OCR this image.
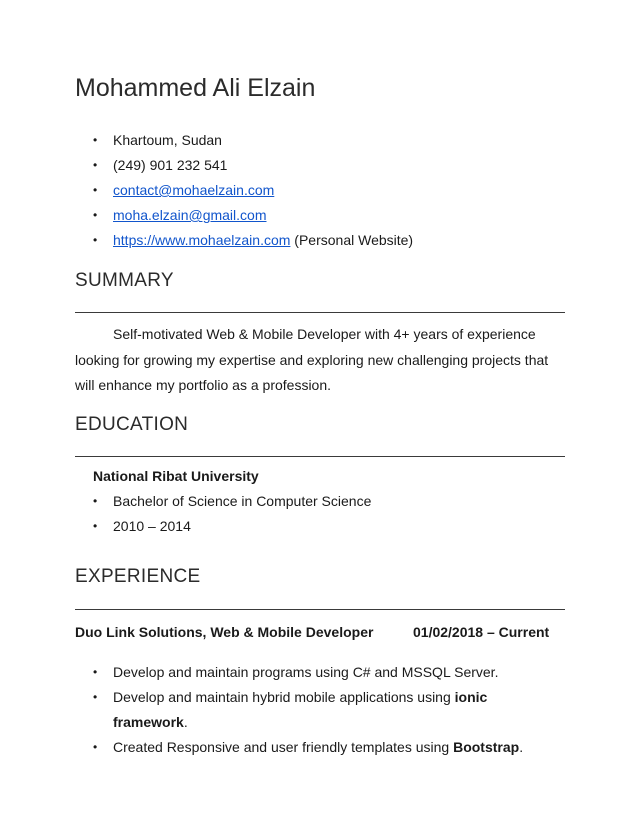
Mohammed Ali Elzain
• Khartoum, Sudan
• (249) 901 232 541
• contact@mohaelzain.com
• moha.elzain@gmail.com
• https://www.mohaelzain.com (Personal Website)
SUMMARY

Self-motivated Web & Mobile Developer with 4+ years of experience looking for growing my expertise and exploring new challenging projects that will enhance my portfolio as a profession.

EDUCATION

National Ribat University

• Bachelor of Science in Computer Science
• 2010 – 2014
EXPERIENCE

Duo Link Solutions, Web & Mobile Developer	01/02/2018 – Current

• Develop and maintain programs using C# and MSSQL Server.
• Develop and maintain hybrid mobile applications using ionic framework.
• Created Responsive and user friendly templates using Bootstrap.
